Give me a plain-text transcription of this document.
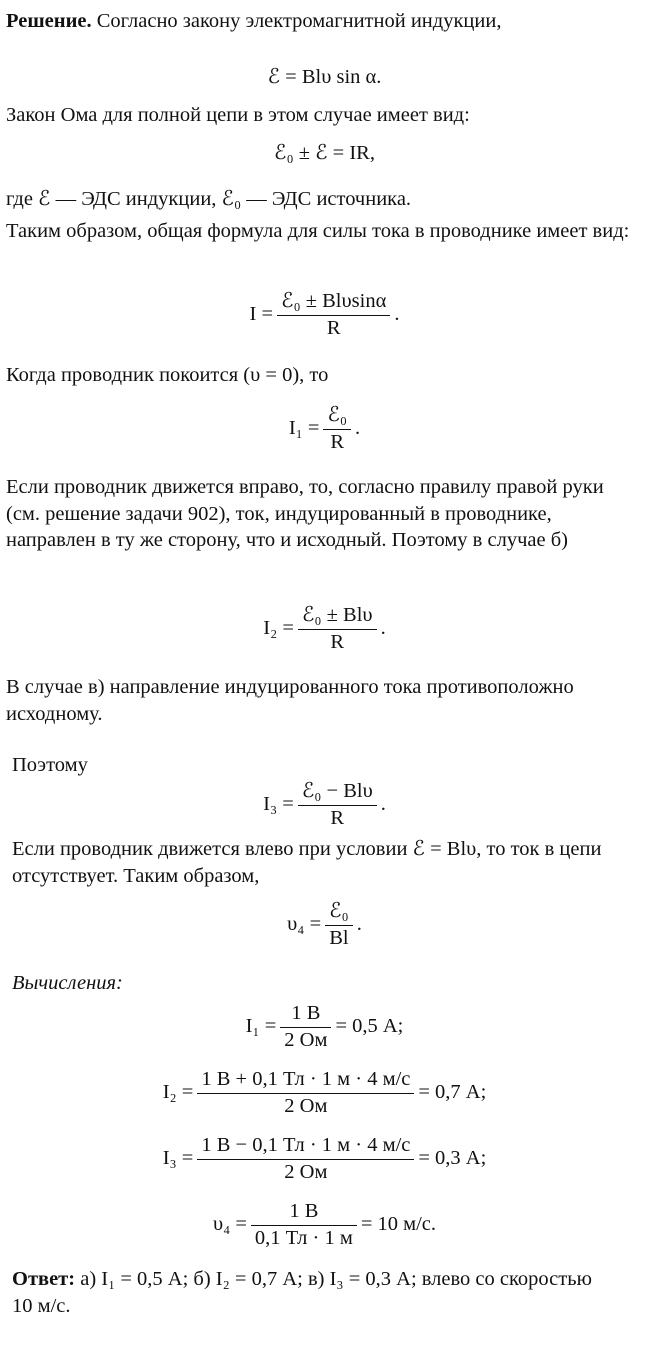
Решение. Согласно закону электромагнитной индукции,

ℰ = Blυ sin α.

Закон Ома для полной цепи в этом случае имеет вид:

ℰ₀ ± ℰ = IR,

где ℰ — ЭДС индукции, ℰ₀ — ЭДС источника.

Таким образом, общая формула для силы тока в проводнике имеет вид:

$I = \frac{\text{ℰ₀ ± Blυsinα}}{R}$ .

Когда проводник покоится (υ = 0), то

$I_1 = \frac{\text{ℰ₀}}{R}$ .

Если проводник движется вправо, то, согласно правилу правой руки (см. решение задачи 902), ток, индуцированный в проводнике, направлен в ту же сторону, что и исходный. Поэтому в случае б)

$I_2 = \frac{\text{ℰ₀ ± Blυ}}{R}$ .

В случае в) направление индуцированного тока противоположно исходному.

Поэтому

$I_3 = \frac{\text{ℰ₀ − Blυ}}{R}$ .

Если проводник движется влево при условии ℰ = Blυ, то ток в цепи отсутствует. Таким образом,

$\upsilon_4 = \frac{\text{ℰ₀}}{Bl}$ .

Вычисления:

$I_1 = \frac{1 В}{2 Ом} = 0,5$ А;
$I_2 = \frac{1 В + 0,1 Тл \cdot 1 м \cdot 4 м/с}{2 Ом} = 0,7$ А;
$I_3 = \frac{1 В - 0,1 Тл \cdot 1 м \cdot 4 м/с}{2 Ом} = 0,3$ А;
$\upsilon_4 = \frac{1 В}{0,1 Тл \cdot 1 м} = 10$ м/с.

Ответ: а) I₁ = 0,5 А; б) I₂ = 0,7 А; в) I₃ = 0,3 А; влево со скоростью 10 м/с.
